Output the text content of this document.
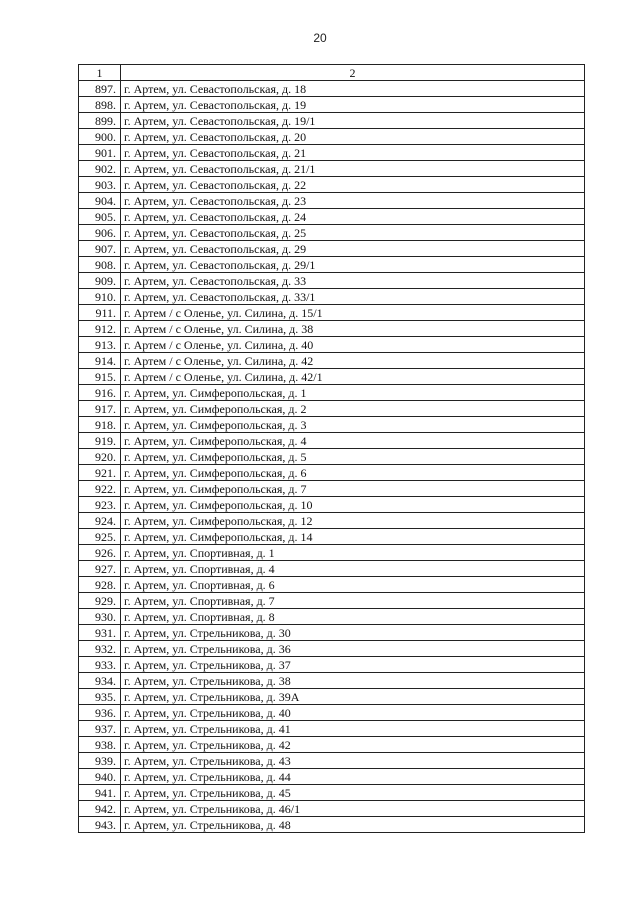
20
1	2
897.	г. Артем, ул. Севастопольская, д. 18
898.	г. Артем, ул. Севастопольская, д. 19
899.	г. Артем, ул. Севастопольская, д. 19/1
900.	г. Артем, ул. Севастопольская, д. 20
901.	г. Артем, ул. Севастопольская, д. 21
902.	г. Артем, ул. Севастопольская, д. 21/1
903.	г. Артем, ул. Севастопольская, д. 22
904.	г. Артем, ул. Севастопольская, д. 23
905.	г. Артем, ул. Севастопольская, д. 24
906.	г. Артем, ул. Севастопольская, д. 25
907.	г. Артем, ул. Севастопольская, д. 29
908.	г. Артем, ул. Севастопольская, д. 29/1
909.	г. Артем, ул. Севастопольская, д. 33
910.	г. Артем, ул. Севастопольская, д. 33/1
911.	г. Артем / с Оленье, ул. Силина, д. 15/1
912.	г. Артем / с Оленье, ул. Силина, д. 38
913.	г. Артем / с Оленье, ул. Силина, д. 40
914.	г. Артем / с Оленье, ул. Силина, д. 42
915.	г. Артем / с Оленье, ул. Силина, д. 42/1
916.	г. Артем, ул. Симферопольская, д. 1
917.	г. Артем, ул. Симферопольская, д. 2
918.	г. Артем, ул. Симферопольская, д. 3
919.	г. Артем, ул. Симферопольская, д. 4
920.	г. Артем, ул. Симферопольская, д. 5
921.	г. Артем, ул. Симферопольская, д. 6
922.	г. Артем, ул. Симферопольская, д. 7
923.	г. Артем, ул. Симферопольская, д. 10
924.	г. Артем, ул. Симферопольская, д. 12
925.	г. Артем, ул. Симферопольская, д. 14
926.	г. Артем, ул. Спортивная, д. 1
927.	г. Артем, ул. Спортивная, д. 4
928.	г. Артем, ул. Спортивная, д. 6
929.	г. Артем, ул. Спортивная, д. 7
930.	г. Артем, ул. Спортивная, д. 8
931.	г. Артем, ул. Стрельникова, д. 30
932.	г. Артем, ул. Стрельникова, д. 36
933.	г. Артем, ул. Стрельникова, д. 37
934.	г. Артем, ул. Стрельникова, д. 38
935.	г. Артем, ул. Стрельникова, д. 39А
936.	г. Артем, ул. Стрельникова, д. 40
937.	г. Артем, ул. Стрельникова, д. 41
938.	г. Артем, ул. Стрельникова, д. 42
939.	г. Артем, ул. Стрельникова, д. 43
940.	г. Артем, ул. Стрельникова, д. 44
941.	г. Артем, ул. Стрельникова, д. 45
942.	г. Артем, ул. Стрельникова, д. 46/1
943.	г. Артем, ул. Стрельникова, д. 48
